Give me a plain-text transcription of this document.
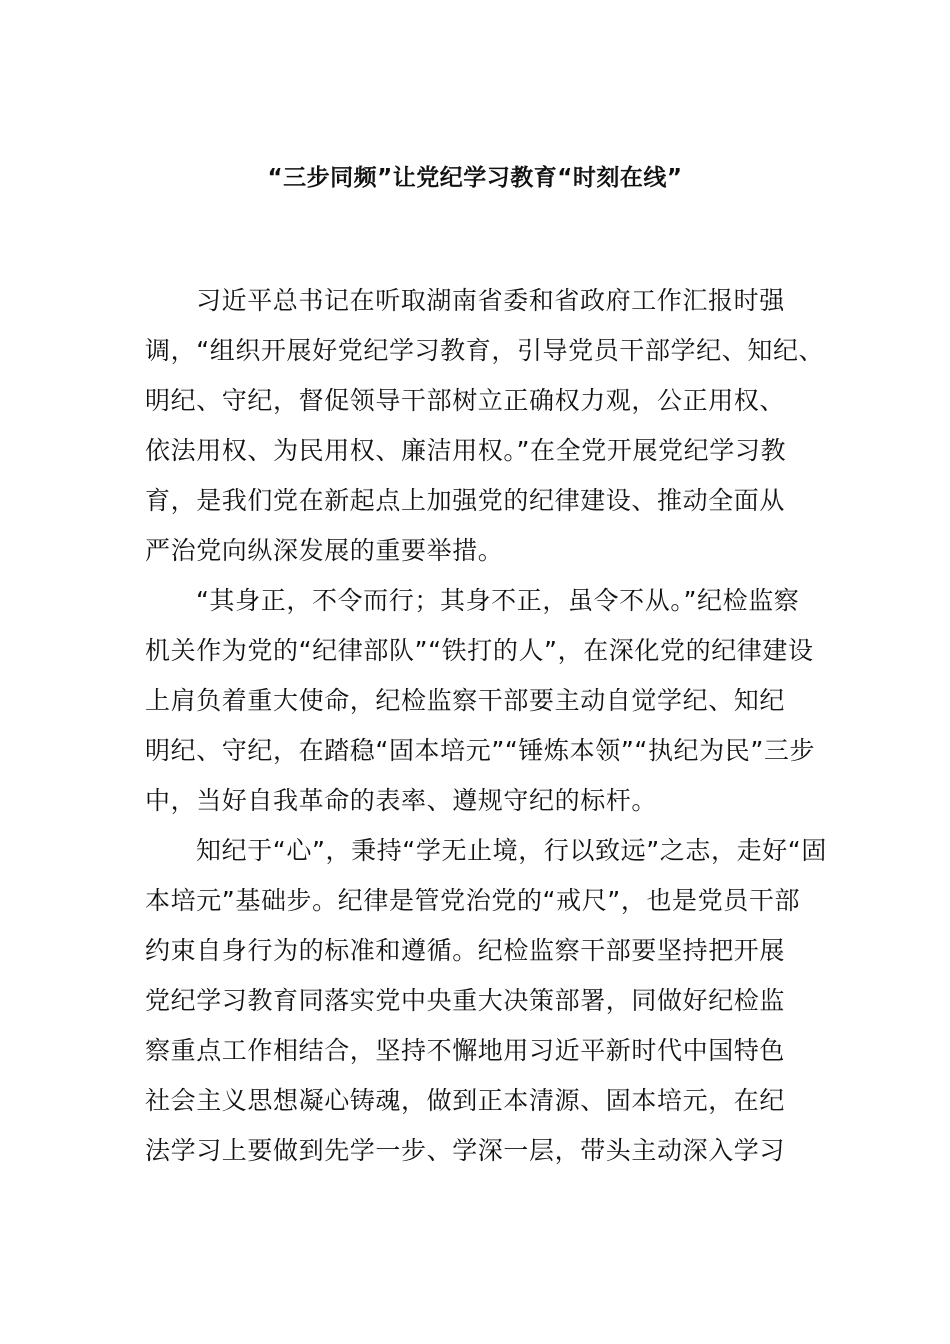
“三步同频”让党纪学习教育“时刻在线”
习近平总书记在听取湖南省委和省政府工作汇报时强
调，“组织开展好党纪学习教育，引导党员干部学纪、知纪、
明纪、守纪，督促领导干部树立正确权力观，公正用权、
依法用权、为民用权、廉洁用权。”在全党开展党纪学习教
育，是我们党在新起点上加强党的纪律建设、推动全面从
严治党向纵深发展的重要举措。
“其身正，不令而行；其身不正，虽令不从。”纪检监察
机关作为党的“纪律部队”“铁打的人”，在深化党的纪律建设
上肩负着重大使命，纪检监察干部要主动自觉学纪、知纪
明纪、守纪，在踏稳“固本培元”“锤炼本领”“执纪为民”三步
中，当好自我革命的表率、遵规守纪的标杆。
知纪于“心”，秉持“学无止境，行以致远”之志，走好“固
本培元”基础步。纪律是管党治党的“戒尺”，也是党员干部
约束自身行为的标准和遵循。纪检监察干部要坚持把开展
党纪学习教育同落实党中央重大决策部署，同做好纪检监
察重点工作相结合，坚持不懈地用习近平新时代中国特色
社会主义思想凝心铸魂，做到正本清源、固本培元，在纪
法学习上要做到先学一步、学深一层，带头主动深入学习
